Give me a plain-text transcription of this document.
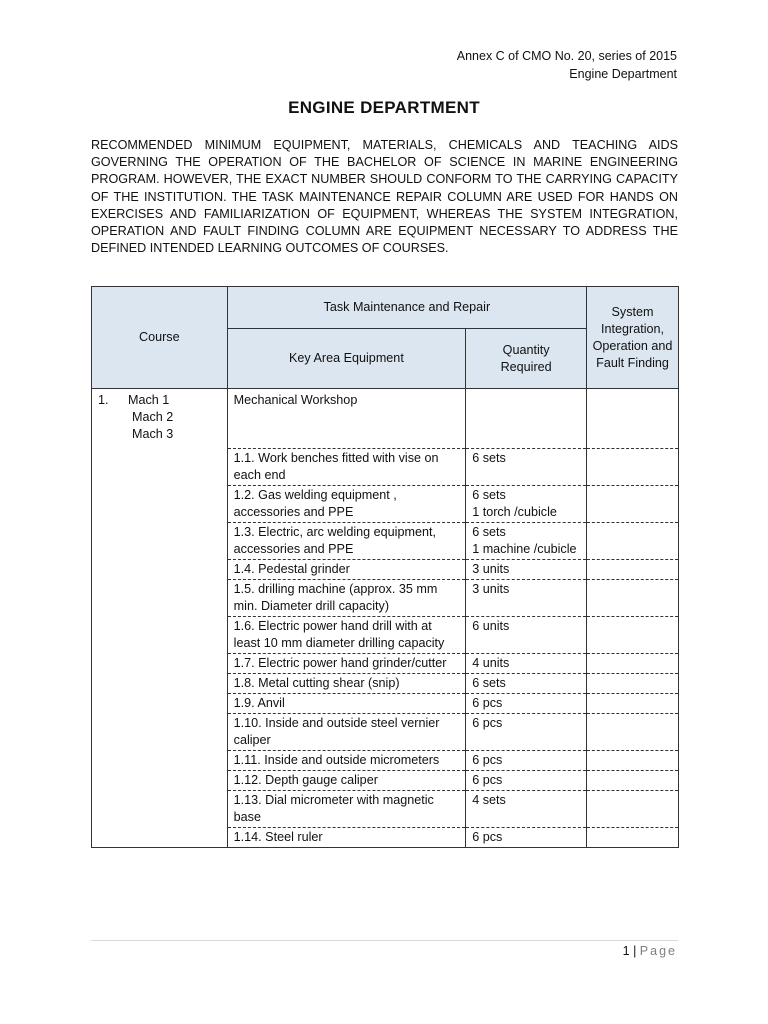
Annex C of CMO No. 20, series of 2015
Engine Department
ENGINE DEPARTMENT
RECOMMENDED MINIMUM EQUIPMENT, MATERIALS, CHEMICALS AND TEACHING AIDS GOVERNING THE OPERATION OF THE BACHELOR OF SCIENCE IN MARINE ENGINEERING PROGRAM. HOWEVER, THE EXACT NUMBER SHOULD CONFORM TO THE CARRYING CAPACITY OF THE INSTITUTION. THE TASK MAINTENANCE REPAIR COLUMN ARE USED FOR HANDS ON EXERCISES AND FAMILIARIZATION OF EQUIPMENT, WHEREAS THE SYSTEM INTEGRATION, OPERATION AND FAULT FINDING COLUMN ARE EQUIPMENT NECESSARY TO ADDRESS THE DEFINED INTENDED LEARNING OUTCOMES OF COURSES.
Course	Task Maintenance and Repair		System Integration, Operation and Fault Finding
	Key Area Equipment	Quantity Required	
1. Mach 1
Mach 2
Mach 3	Mechanical Workshop		
	1.1. Work benches fitted with vise on each end	6 sets	
	1.2. Gas welding equipment , accessories and PPE	6 sets
1 torch /cubicle	
	1.3. Electric, arc welding equipment, accessories and PPE	6 sets
1 machine /cubicle	
	1.4. Pedestal grinder	3 units	
	1.5. drilling machine (approx. 35 mm min. Diameter drill capacity)	3 units	
	1.6. Electric power hand drill with at least 10 mm diameter drilling capacity	6 units	
	1.7. Electric power hand grinder/cutter	4 units	
	1.8. Metal cutting shear (snip)	6 sets	
	1.9. Anvil	6 pcs	
	1.10. Inside and outside steel vernier caliper	6 pcs	
	1.11. Inside and outside micrometers	6 pcs	
	1.12. Depth gauge caliper	6 pcs	
	1.13. Dial micrometer with magnetic base	4 sets	
	1.14. Steel ruler	6 pcs	
1 | Page
